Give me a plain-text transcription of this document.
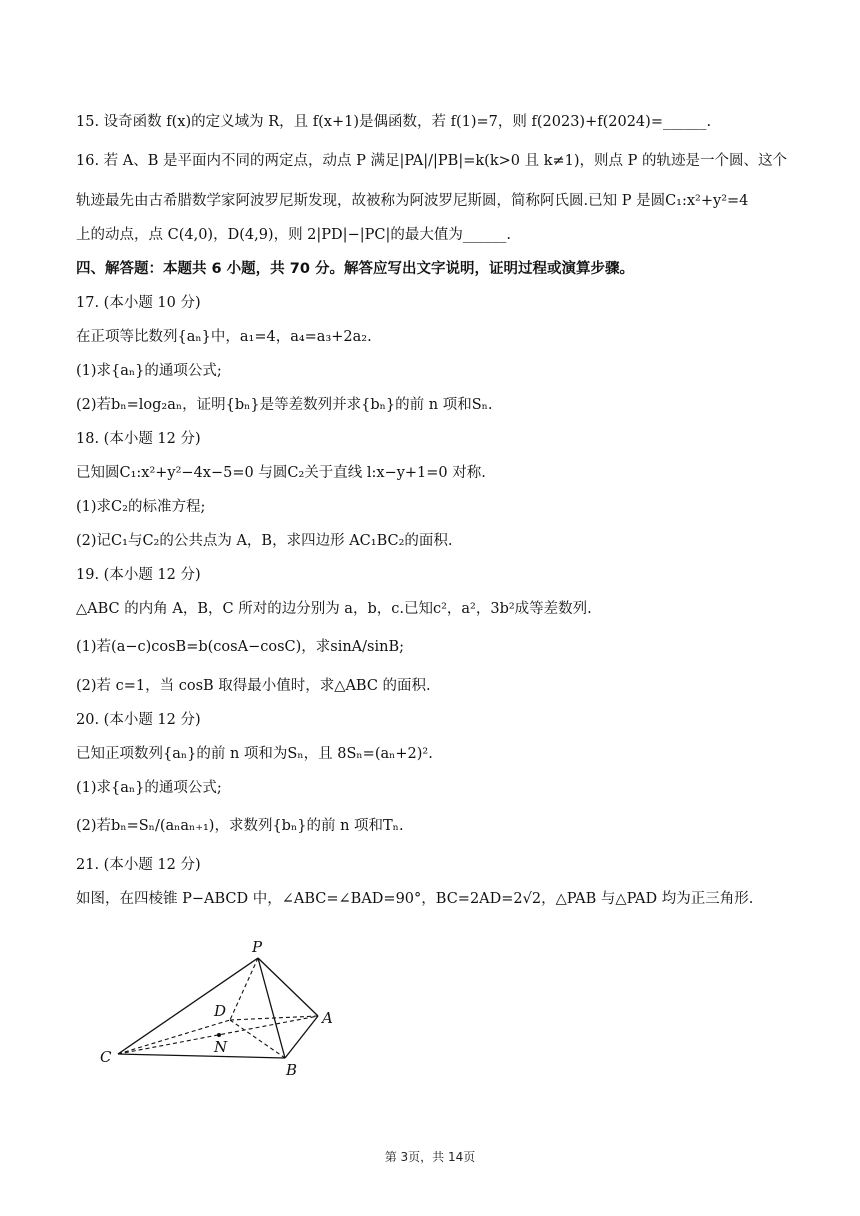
15. 设奇函数 f(x)的定义域为 R，且 f(x+1)是偶函数，若 f(1)=7，则 f(2023)+f(2024)=______.
16. 若 A、B 是平面内不同的两定点，动点 P 满足|PA|/|PB|=k(k>0 且 k≠1)，则点 P 的轨迹是一个圆、这个
轨迹最先由古希腊数学家阿波罗尼斯发现，故被称为阿波罗尼斯圆，简称阿氏圆.已知 P 是圆C₁:x²+y²=4
上的动点，点 C(4,0)，D(4,9)，则 2|PD|−|PC|的最大值为______.
四、解答题：本题共 6 小题，共 70 分。解答应写出文字说明，证明过程或演算步骤。
17. (本小题 10 分)
在正项等比数列{aₙ}中，a₁=4，a₄=a₃+2a₂.
(1)求{aₙ}的通项公式;
(2)若bₙ=log₂aₙ，证明{bₙ}是等差数列并求{bₙ}的前 n 项和Sₙ.
18. (本小题 12 分)
已知圆C₁:x²+y²−4x−5=0 与圆C₂关于直线 l:x−y+1=0 对称.
(1)求C₂的标准方程;
(2)记C₁与C₂的公共点为 A，B，求四边形 AC₁BC₂的面积.
19. (本小题 12 分)
△ABC 的内角 A，B，C 所对的边分别为 a，b，c.已知c²，a²，3b²成等差数列.
(1)若(a−c)cosB=b(cosA−cosC)，求sinA/sinB;
(2)若 c=1，当 cosB 取得最小值时，求△ABC 的面积.
20. (本小题 12 分)
已知正项数列{aₙ}的前 n 项和为Sₙ，且 8Sₙ=(aₙ+2)².
(1)求{aₙ}的通项公式;
(2)若bₙ=Sₙ/(aₙaₙ₊₁)，求数列{bₙ}的前 n 项和Tₙ.
21. (本小题 12 分)
如图，在四棱锥 P−ABCD 中，∠ABC=∠BAD=90°，BC=2AD=2√2，△PAB 与△PAD 均为正三角形.
P
D	A
N
C
B
第 3页，共 14页
